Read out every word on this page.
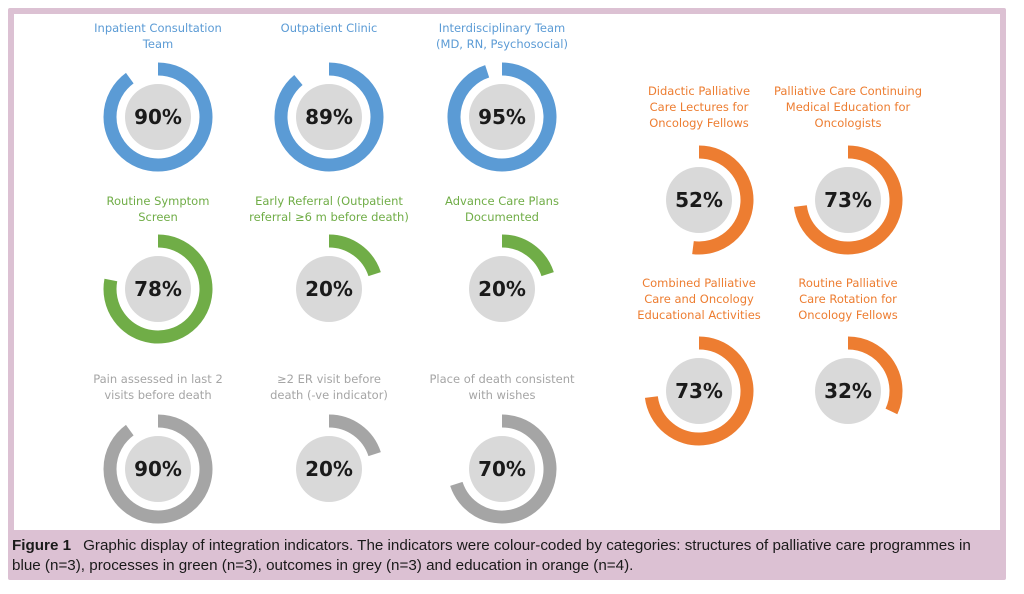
Inpatient Consultation
Team
90%
Outpatient Clinic
89%
Interdisciplinary Team
(MD, RN, Psychosocial)
95%
Routine Symptom
Screen
78%
Early Referral (Outpatient
referral ≥6 m before death)
20%
Advance Care Plans
Documented
20%
Pain assessed in last 2
visits before death
90%
≥2 ER visit before
death (-ve indicator)
20%
Place of death consistent
with wishes
70%
Didactic Palliative
Care Lectures for
Oncology Fellows
52%
Palliative Care Continuing
Medical Education for
Oncologists
73%
Combined Palliative
Care and Oncology
Educational Activities
73%
Routine Palliative
Care Rotation for
Oncology Fellows
32%
Figure 1 Graphic display of integration indicators. The indicators were colour-coded by categories: structures of palliative care programmes in blue (n=3), processes in green (n=3), outcomes in grey (n=3) and education in orange (n=4).
